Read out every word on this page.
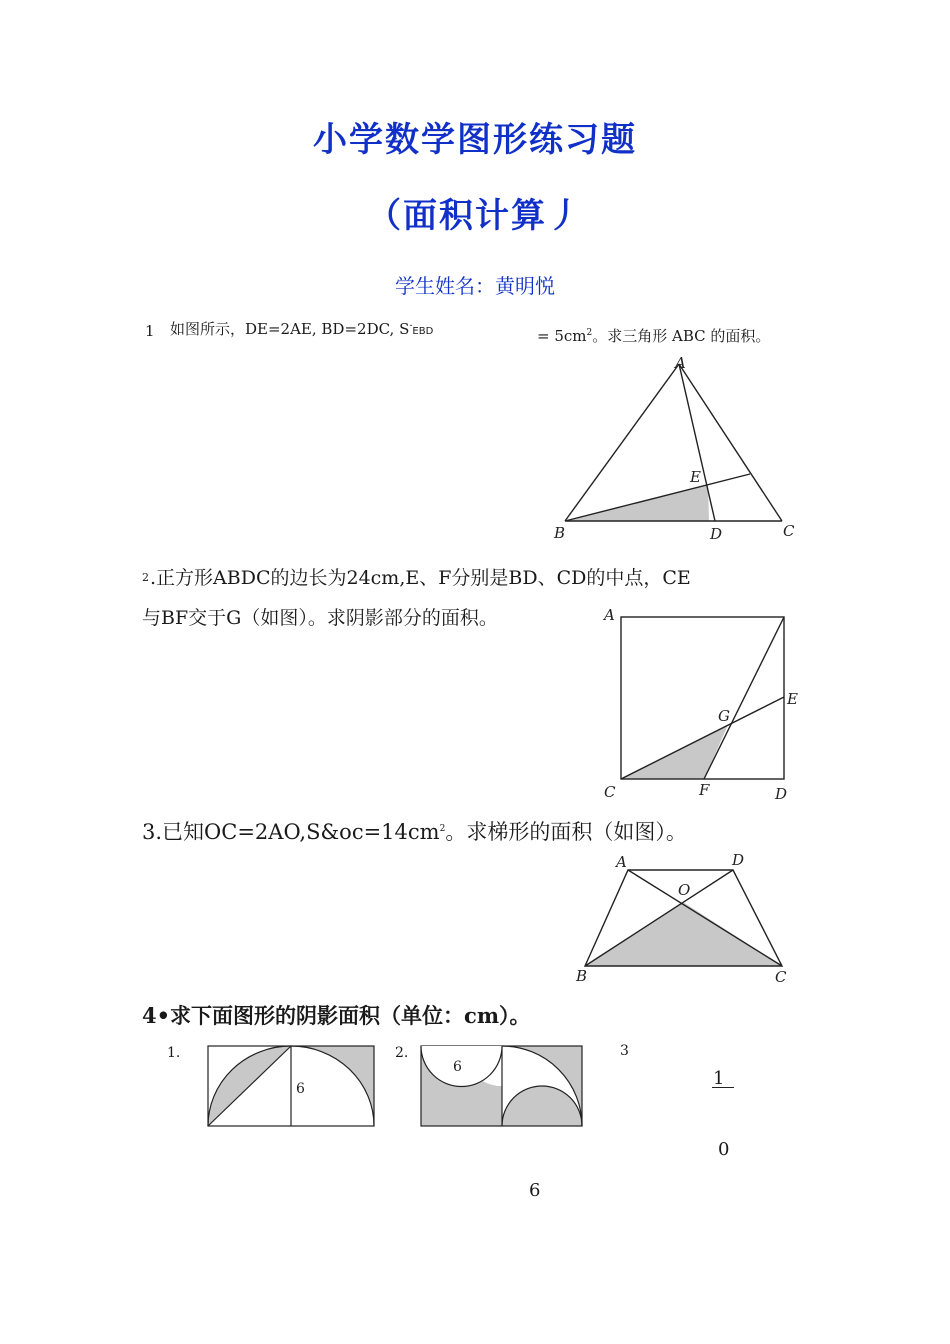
小学数学图形练习题
（面积计算丿
学生姓名：黄明悦
1 如图所示，DE=2AE, BD=2DC, S-EBD	= $5cm^2$。求三角形 ABC 的面积。
A
B	C
D
E
2 .正方形ABDC的边长为24cm,E、F分别是BD、CD的中点，CE
与BF交于G（如图）。求阴影部分的面积。	A
C	D
E
F
G
3.已知$OC=2AO,S\&oc=14cm^2$。求梯形的面积（如图）。
A	D
O
B	C
4•求下面图形的阴影面积（单位：cm）。
1.
6
2.
6
3
1
0
6
